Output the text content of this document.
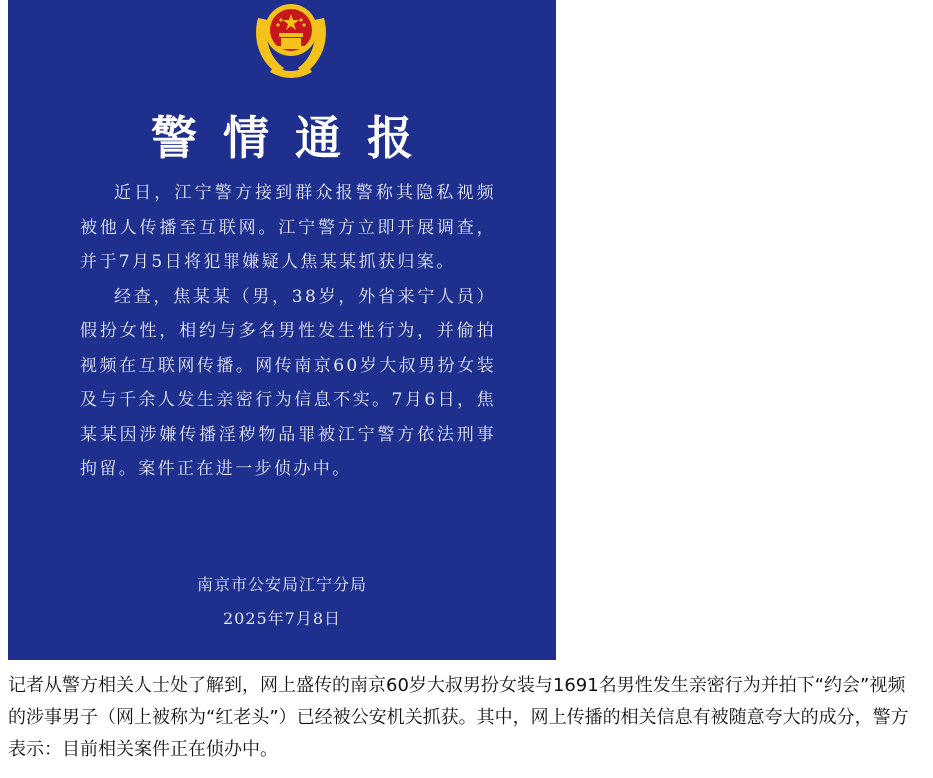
警情通报

近日，江宁警方接到群众报警称其隐私视频被他人传播至互联网。江宁警方立即开展调查，并于7月5日将犯罪嫌疑人焦某某抓获归案。

经查，焦某某（男，38岁，外省来宁人员）假扮女性，相约与多名男性发生性行为，并偷拍视频在互联网传播。网传南京60岁大叔男扮女装及与千余人发生亲密行为信息不实。7月6日，焦某某因涉嫌传播淫秽物品罪被江宁警方依法刑事拘留。案件正在进一步侦办中。

南京市公安局江宁分局
2025年7月8日
记者从警方相关人士处了解到，网上盛传的南京60岁大叔男扮女装与1691名男性发生亲密行为并拍下“约会”视频的涉事男子（网上被称为“红老头”）已经被公安机关抓获。其中，网上传播的相关信息有被随意夸大的成分，警方表示：目前相关案件正在侦办中。
